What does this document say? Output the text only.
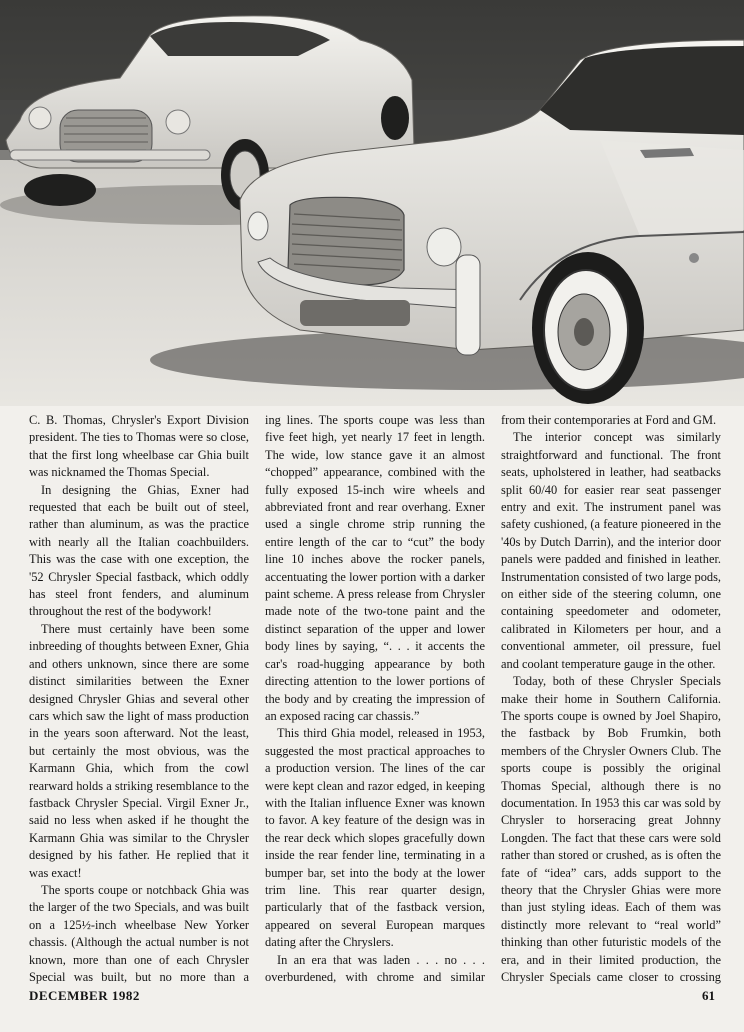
C. B. Thomas, Chrysler's Export Division president. The ties to Thomas were so close, that the first long wheelbase car Ghia built was nicknamed the Thomas Special.

In designing the Ghias, Exner had requested that each be built out of steel, rather than aluminum, as was the practice with nearly all the Italian coachbuilders. This was the case with one exception, the '52 Chrysler Special fastback, which oddly has steel front fenders, and aluminum throughout the rest of the bodywork!

There must certainly have been some inbreeding of thoughts between Exner, Ghia and others unknown, since there are some distinct similarities between the Exner designed Chrysler Ghias and several other cars which saw the light of mass production in the years soon afterward. Not the least, but certainly the most obvious, was the Karmann Ghia, which from the cowl rearward holds a striking resemblance to the fastback Chrysler Special. Virgil Exner Jr., said no less when asked if he thought the Karmann Ghia was similar to the Chrysler designed by his father. He replied that it was exact!

The sports coupe or notchback Ghia was the larger of the two Specials, and was built on a 125½-inch wheelbase New Yorker chassis. (Although the actual number is not known, more than one of each Chrysler Special was built, but no more than a

ing lines. The sports coupe was less than five feet high, yet nearly 17 feet in length. The wide, low stance gave it an almost “chopped” appearance, combined with the fully exposed 15-inch wire wheels and abbreviated front and rear overhang. Exner used a single chrome strip running the entire length of the car to “cut” the body line 10 inches above the rocker panels, accentuating the lower portion with a darker paint scheme. A press release from Chrysler made note of the two-tone paint and the distinct separation of the upper and lower body lines by saying, “. . . it accents the car's road-hugging appearance by both directing attention to the lower portions of the body and by creating the impression of an exposed racing car chassis.”

This third Ghia model, released in 1953, suggested the most practical approaches to a production version. The lines of the car were kept clean and razor edged, in keeping with the Italian influence Exner was known to favor. A key feature of the design was in the rear deck which slopes gracefully down inside the rear fender line, terminating in a bumper bar, set into the body at the lower trim line. This rear quarter design, particularly that of the fastback version, appeared on several European marques dating after the Chryslers.

In an era that was laden . . . no . . . overburdened, with chrome and similar

from their contemporaries at Ford and GM.

The interior concept was similarly straightforward and functional. The front seats, upholstered in leather, had seatbacks split 60/40 for easier rear seat passenger entry and exit. The instrument panel was safety cushioned, (a feature pioneered in the '40s by Dutch Darrin), and the interior door panels were padded and finished in leather. Instrumentation consisted of two large pods, on either side of the steering column, one containing speedometer and odometer, calibrated in Kilometers per hour, and a conventional ammeter, oil pressure, fuel and coolant temperature gauge in the other.

Today, both of these Chrysler Specials make their home in Southern California. The sports coupe is owned by Joel Shapiro, the fastback by Bob Frumkin, both members of the Chrysler Owners Club. The sports coupe is possibly the original Thomas Special, although there is no documentation. In 1953 this car was sold by Chrysler to horseracing great Johnny Longden. The fact that these cars were sold rather than stored or crushed, as is often the fate of “idea” cars, adds support to the theory that the Chrysler Ghias were more than just styling ideas. Each of them was distinctly more relevant to “real world” thinking than other futuristic models of the era, and in their limited production, the Chrysler Specials came closer to crossing

DECEMBER 1982	61
